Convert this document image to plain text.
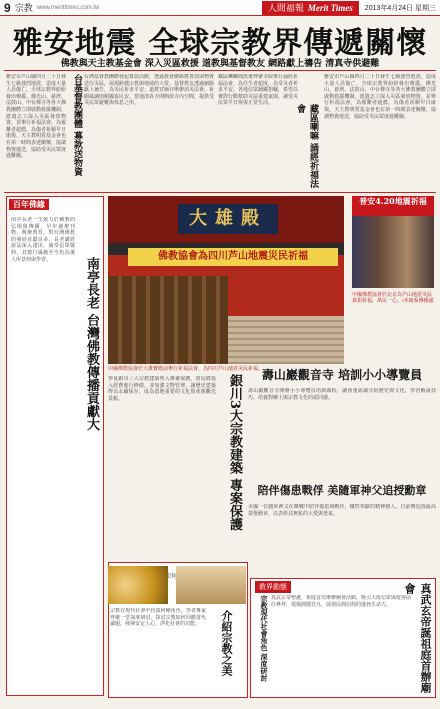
9 宗教 www.merittimes.com.tw	人間福報 Merit Times 2013年4月24日 星期三
雅安地震 全球宗教界傳遞關懷
佛教與天主教基金會 深入災區救援 道教與基督教友 網路獻上禱告 清真寺供避難
雅安市芦山縣四月二十日發生七級強烈地震，造成大量人員傷亡，全球宗教界紛紛發出聲援。佛光山、慈濟、法鼓山、中台禪寺等各大佛教團體立即啟動救援機制，派遣志工深入災區發放物資，並舉行祈福法會，為罹難者超薦，為傷者祈願早日康復。天主教明愛基金會也在第一時間表達關懷，協調物資運送，協助受災民眾度過難關。
台灣基督教團體發起募款活動，透過教會網絡將善款與物資送往災區，展現跨越宗教與地域的大愛。基督教友透過網路獻上禱告，為災民祈求平安；道教宮廟亦舉辦消災法會，祈願風調雨順國泰民安。當地清真寺則開放寺內空間，提供受災民眾避難與休息之所。
台基督教團體 募款送物資	藏區喇嘛聞訊後齊聚寺院舉行誦經祈福法會，為往生者超度，為受災者祈求平安。各地信眾踴躍捐輸，希望以實際行動幫助災區重建家園，讓受災民眾早日恢復正常生活。
藏區喇嘛 誦經祈福法會
雅安市芦山縣四月二十日發生七級強烈地震，造成大量人員傷亡，全球宗教界紛紛發出聲援。佛光山、慈濟、法鼓山、中台禪寺等各大佛教團體立即啟動救援機制，派遣志工深入災區發放物資，並舉行祈福法會，為罹難者超薦，為傷者祈願早日康復。天主教明愛基金會也在第一時間表達關懷，協調物資運送，協助受災民眾度過難關。
百年佛緣
南亭長老一生致力於佛教的弘揚與傳播，早年創辦刊物、興辦教育，對台灣佛教的發展貢獻良多。長老講經說法深入淺出，廣受信眾敬仰，其德行風範至今仍為後人所景仰與學習。	南亭長老 台灣佛教傳播貢獻大
大雄殿
佛教協會為四川芦山地震災民祈福
普安4.20地震祈福
中國佛教協會於北京為芦山地震災區募捐祈福，萬民一心。/本報系傳播處
中國佛教協會於大雄寶殿前舉行祈福法會，為四川芦山地震災民祈福。
銀川3大宗教建築 專案保護
寧夏銀川三大宗教建築列入專案保護，當局將投入經費進行修繕，並加強文物管理，讓歷史建築得以永續保存，成為當地重要的文化資產與觀光景點。
壽山巖觀音寺 培訓小小導覽員
壽山巖觀音寺開辦小小導覽員培訓課程，讓孩童認識寺院歷史與文化，學習解說技巧，培養對鄉土與宗教文化的認同感。
陪伴傷患戰俘 美隨軍神父追授勳章
美國一位隨軍神父在韓戰中陪伴傷患與戰俘，犧牲奉獻的精神感人，日前獲追授最高榮譽勳章，以表彰其無私的大愛與勇氣。
宗教在現代社會中扮演何種角色，學者專家齊聚一堂深度研討，探討宗教如何回應當代議題，發揮安定人心、淨化社會的功能。	介紹宗教之美
教界動態
宗教現代社會角色 深度研討 真武玄帝聖誕，祖庭首次舉辦廟會活動，吸引大批信眾與遊客前往參拜，現場熱鬧非凡，展現民間信仰的蓬勃生命力。	真武玄帝誕祖庭首辦廟會
